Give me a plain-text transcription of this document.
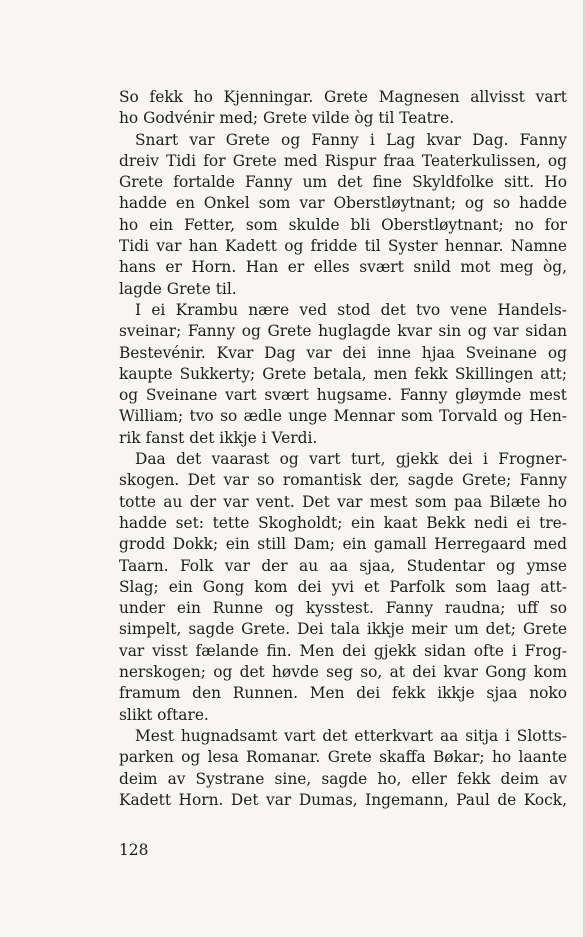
So fekk ho Kjenningar. Grete Magnesen allvisst vart
ho Godvénir med; Grete vilde òg til Teatre.
Snart var Grete og Fanny i Lag kvar Dag. Fanny
dreiv Tidi for Grete med Rispur fraa Teaterkulissen, og
Grete fortalde Fanny um det fine Skyldfolke sitt. Ho
hadde en Onkel som var Oberstløytnant; og so hadde
ho ein Fetter, som skulde bli Oberstløytnant; no for
Tidi var han Kadett og fridde til Syster hennar. Namne
hans er Horn. Han er elles svært snild mot meg òg,
lagde Grete til.
I ei Krambu nære ved stod det tvo vene Handels-
sveinar; Fanny og Grete huglagde kvar sin og var sidan
Bestevénir. Kvar Dag var dei inne hjaa Sveinane og
kaupte Sukkerty; Grete betala, men fekk Skillingen att;
og Sveinane vart svært hugsame. Fanny gløymde mest
William; tvo so ædle unge Mennar som Torvald og Hen-
rik fanst det ikkje i Verdi.
Daa det vaarast og vart turt, gjekk dei i Frogner-
skogen. Det var so romantisk der, sagde Grete; Fanny
totte au der var vent. Det var mest som paa Bilæte ho
hadde set: tette Skogholdt; ein kaat Bekk nedi ei tre-
grodd Dokk; ein still Dam; ein gamall Herregaard med
Taarn. Folk var der au aa sjaa, Studentar og ymse
Slag; ein Gong kom dei yvi et Parfolk som laag att-
under ein Runne og kysstest. Fanny raudna; uff so
simpelt, sagde Grete. Dei tala ikkje meir um det; Grete
var visst fælande fin. Men dei gjekk sidan ofte i Frog-
nerskogen; og det høvde seg so, at dei kvar Gong kom
framum den Runnen. Men dei fekk ikkje sjaa noko
slikt oftare.
Mest hugnadsamt vart det etterkvart aa sitja i Slotts-
parken og lesa Romanar. Grete skaffa Bøkar; ho laante
deim av Systrane sine, sagde ho, eller fekk deim av
Kadett Horn. Det var Dumas, Ingemann, Paul de Kock,
128
